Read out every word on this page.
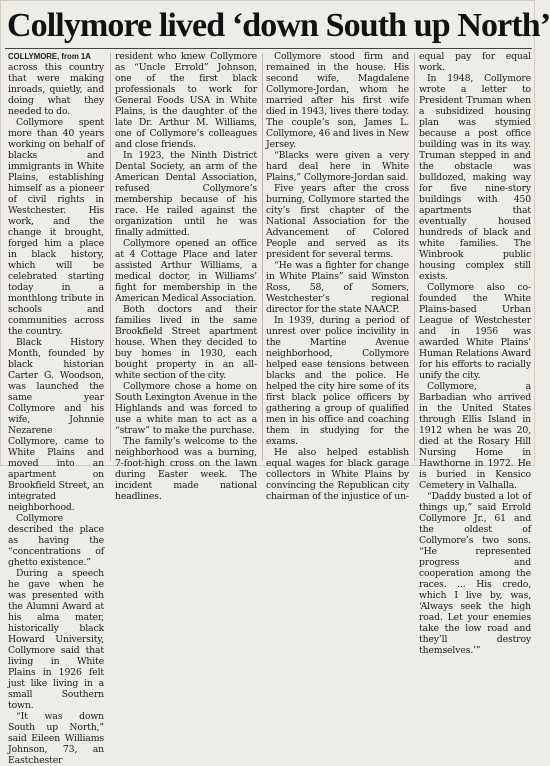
Collymore lived ‘down South up North’

COLLYMORE, from 1A

across this country that were making inroads, quietly, and doing what they needed to do.

Collymore spent more than 40 years working on behalf of blacks and immigrants in White Plains, establishing himself as a pioneer of civil rights in Westchester. His work, and the change it brought, forged him a place in black history, which will be celebrated starting today in a monthlong tribute in schools and communities across the country.

Black History Month, founded by black historian Carter G. Woodson, was launched the same year Collymore and his wife, Johnnie Nezarene Collymore, came to White Plains and moved into an apartment on Brookfield Street, an integrated neighborhood.

Collymore described the place as having the “concentrations of ghetto existence.”

During a speech he gave when he was presented with the Alumni Award at his alma mater, historically black Howard University, Collymore said that living in White Plains in 1926 felt just like living in a small Southern town.

“It was down South up North,” said Eileen Williams Johnson, 73, an Eastchester

resident who knew Collymore as “Uncle Errold” Johnson, one of the first black professionals to work for General Foods USA in White Plains, is the daughter of the late Dr. Arthur M. Williams, one of Collymore’s colleagues and close friends.

In 1923, the Ninth District Dental Society, an arm of the American Dental Association, refused Collymore’s membership because of his race. He railed against the organization until he was finally admitted.

Collymore opened an office at 4 Cottage Place and later assisted Arthur Williams, a medical doctor, in Williams’ fight for membership in the American Medical Association.

Both doctors and their families lived in the same Brookfield Street apartment house. When they decided to buy homes in 1930, each bought property in an all-white section of the city.

Collymore chose a home on South Lexington Avenue in the Highlands and was forced to use a white man to act as a “straw” to make the purchase.

The family’s welcome to the neighborhood was a burning, 7-foot-high cross on the lawn during Easter week. The incident made national headlines.

Collymore stood firm and remained in the house. His second wife, Magdalene Collymore-Jordan, whom he married after his first wife died in 1943, lives there today. The couple’s son, James L. Collymore, 46 and lives in New Jersey.

“Blacks were given a very hard deal here in White Plains,” Collymore-Jordan said.

Five years after the cross burning, Collymore started the city’s first chapter of the National Association for the Advancement of Colored People and served as its president for several terms.

“He was a fighter for change in White Plains” said Winston Ross, 58, of Somers, Westchester’s regional director for the state NAACP.

In 1939, during a period of unrest over police incivility in the Martine Avenue neighborhood, Collymore helped ease tensions between blacks and the police. He helped the city hire some of its first black police officers by gathering a group of qualified men in his office and coaching them in studying for the exams.

He also helped establish equal wages for black garage collectors in White Plains by convincing the Republican city chairman of the injustice of un-

equal pay for equal work.

In 1948, Collymore wrote a letter to President Truman when a subsidized housing plan was stymied because a post office building was in its way. Truman stepped in and the obstacle was bulldozed, making way for five nine-story buildings with 450 apartments that eventually housed hundreds of black and white families. The Winbrook public housing complex still exists.

Collymore also co-founded the White Plains-based Urban League of Westchester and in 1956 was awarded White Plains’ Human Relations Award for his efforts to racially unify the city.

Collymore, a Barbadian who arrived in the United States through Ellis Island in 1912 when he was 20, died at the Rosary Hill Nursing Home in Hawthorne in 1972. He is buried in Kensico Cemetery in Valhalla.

“Daddy busted a lot of things up,” said Errold Collymore Jr., 61 and the oldest of Collymore’s two sons. “He represented progress and cooperation among the races. ... His credo, which I live by, was, ‘Always seek the high road. Let your enemies take the low road and they’ll destroy themselves.’”
